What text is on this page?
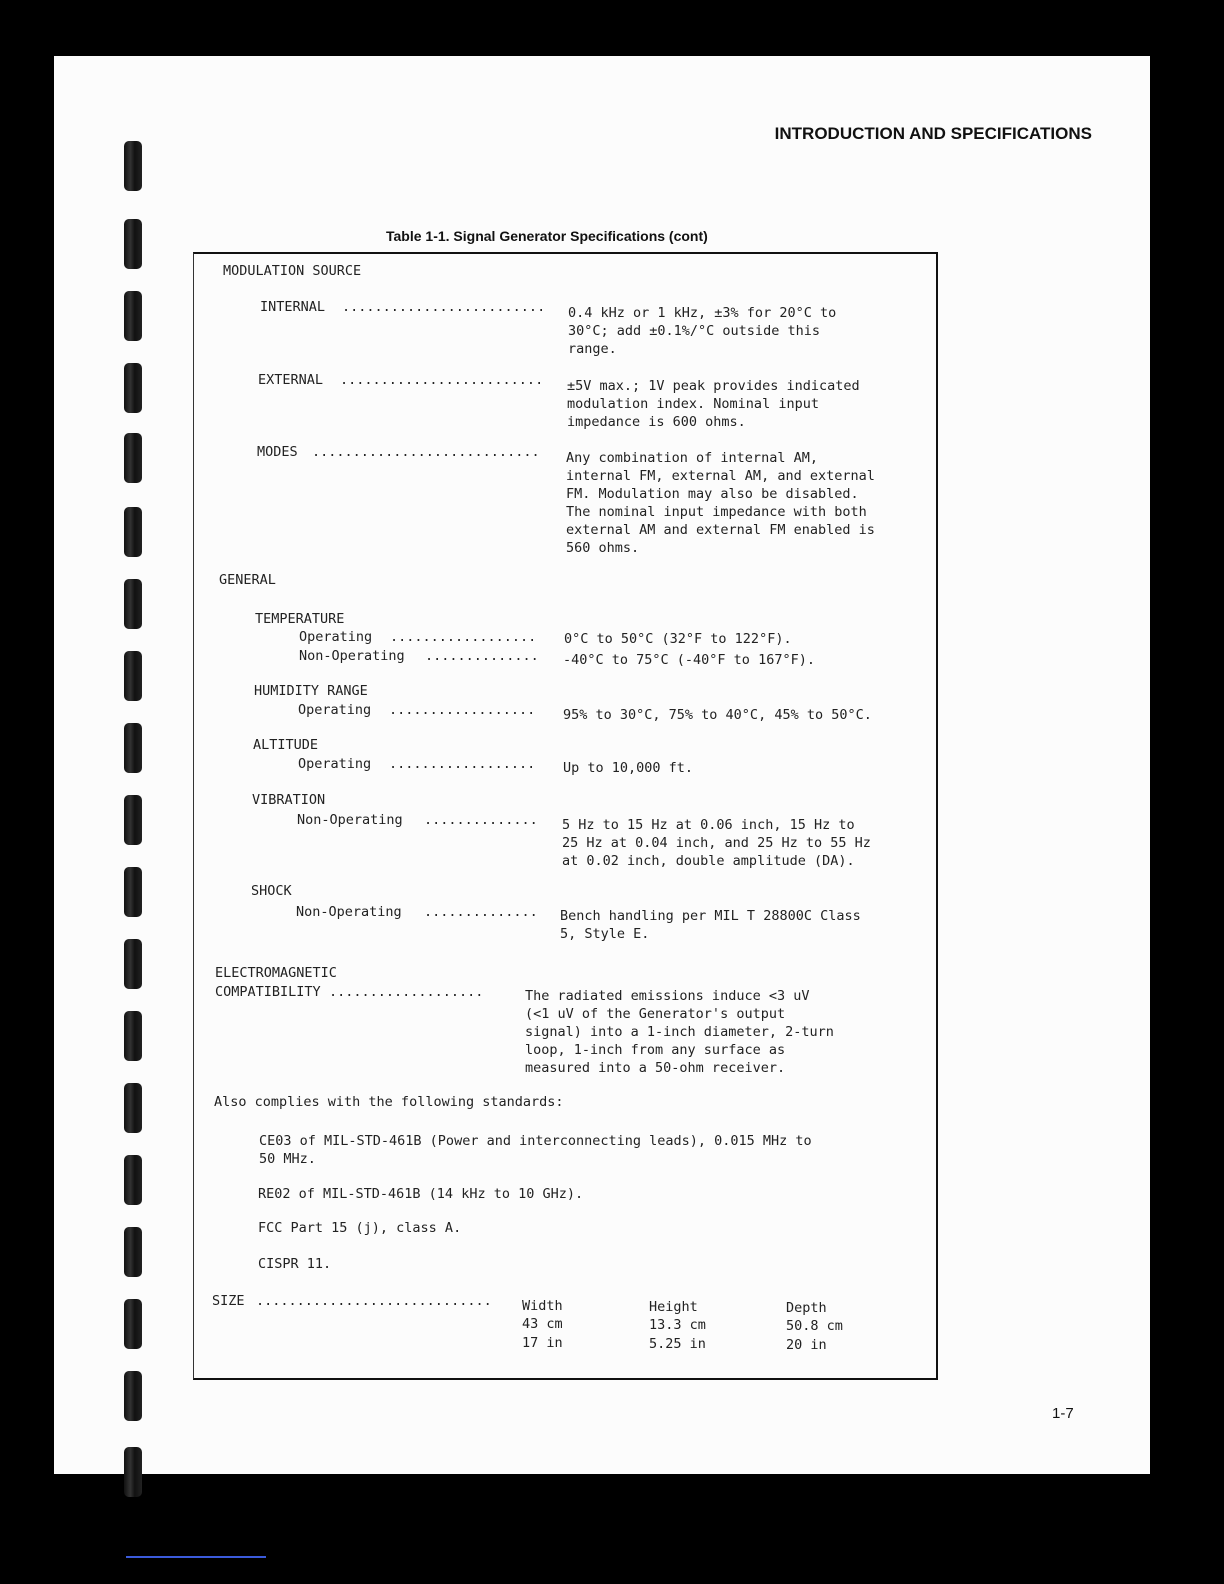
INTRODUCTION AND SPECIFICATIONS
Table 1-1. Signal Generator Specifications (cont)
MODULATION SOURCE
INTERNAL ......................... 0.4 kHz or 1 kHz, ±3% for 20°C to
30°C; add ±0.1%/°C outside this
range.
EXTERNAL ......................... ±5V max.; 1V peak provides indicated
modulation index. Nominal input
impedance is 600 ohms.
MODES ............................ Any combination of internal AM,
internal FM, external AM, and external
FM. Modulation may also be disabled.
The nominal input impedance with both
external AM and external FM enabled is
560 ohms.
GENERAL
TEMPERATURE
Operating .................. 0°C to 50°C (32°F to 122°F).
Non-Operating .............. -40°C to 75°C (-40°F to 167°F).
HUMIDITY RANGE
Operating .................. 95% to 30°C, 75% to 40°C, 45% to 50°C.
ALTITUDE
Operating .................. Up to 10,000 ft.
VIBRATION
Non-Operating .............. 5 Hz to 15 Hz at 0.06 inch, 15 Hz to
25 Hz at 0.04 inch, and 25 Hz to 55 Hz
at 0.02 inch, double amplitude (DA).
SHOCK
Non-Operating .............. Bench handling per MIL T 28800C Class
5, Style E.
ELECTROMAGNETIC
COMPATIBILITY ...................	The radiated emissions induce <3 uV
(<1 uV of the Generator's output
signal) into a 1-inch diameter, 2-turn
loop, 1-inch from any surface as
measured into a 50-ohm receiver.
Also complies with the following standards:
CE03 of MIL-STD-461B (Power and interconnecting leads), 0.015 MHz to
50 MHz.
RE02 of MIL-STD-461B (14 kHz to 10 GHz).
FCC Part 15 (j), class A.
CISPR 11.
SIZE ............................. Width
43 cm
17 in
Height
13.3 cm
5.25 in
Depth
50.8 cm
20 in
1-7
